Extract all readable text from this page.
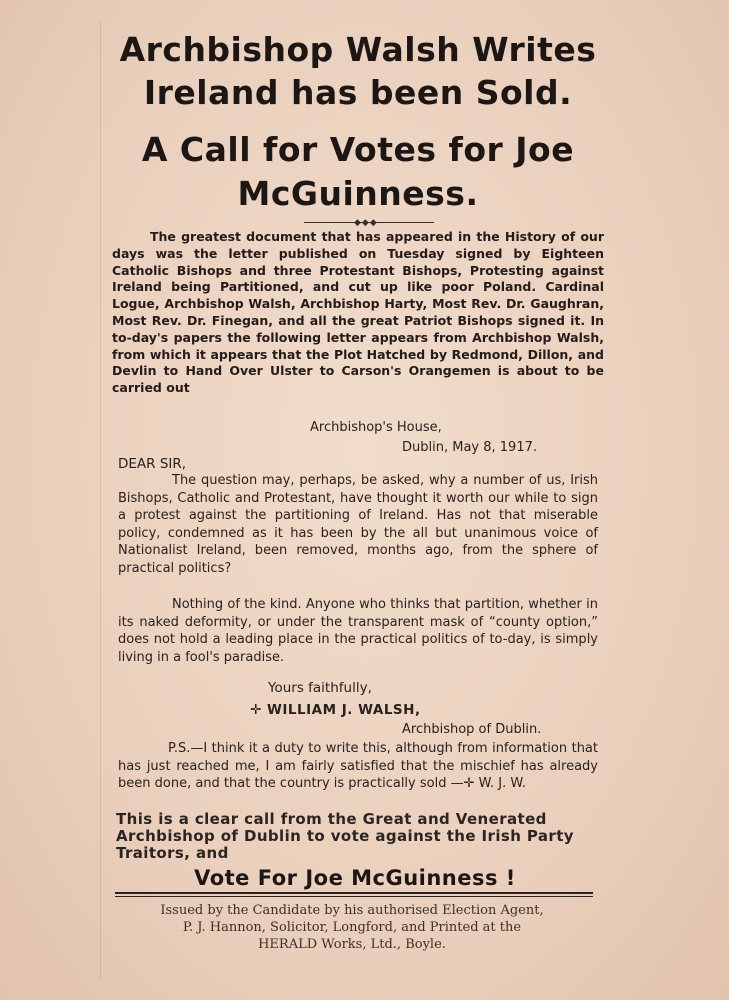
Archbishop Walsh Writes
Ireland has been Sold.
A Call for Votes for Joe
McGuinness.
◆◆◆
The greatest document that has appeared in the History of our days was the letter published on Tuesday signed by Eighteen Catholic Bishops and three Protestant Bishops, Protesting against Ireland being Partitioned, and cut up like poor Poland. Cardinal Logue, Archbishop Walsh, Archbishop Harty, Most Rev. Dr. Gaughran, Most Rev. Dr. Finegan, and all the great Patriot Bishops signed it. In to-day's papers the following letter appears from Archbishop Walsh, from which it appears that the Plot Hatched by Redmond, Dillon, and Devlin to Hand Over Ulster to Carson's Orangemen is about to be carried out
Archbishop's House,
Dublin, May 8, 1917.
DEAR SIR,
The question may, perhaps, be asked, why a number of us, Irish Bishops, Catholic and Protestant, have thought it worth our while to sign a protest against the partitioning of Ireland. Has not that miserable policy, condemned as it has been by the all but unanimous voice of Nationalist Ireland, been removed, months ago, from the sphere of practical politics?
Nothing of the kind. Anyone who thinks that partition, whether in its naked deformity, or under the transparent mask of “county option,” does not hold a leading place in the practical politics of to-day, is simply living in a fool's paradise.
Yours faithfully,
✛ WILLIAM J. WALSH,
Archbishop of Dublin.
P.S.—I think it a duty to write this, although from information that has just reached me, I am fairly satisfied that the mischief has already been done, and that the country is practically sold —✛ W. J. W.
This is a clear call from the Great and Venerated Archbishop of Dublin to vote against the Irish Party Traitors, and
Vote For Joe McGuinness !
Issued by the Candidate by his authorised Election Agent,
P. J. Hannon, Solicitor, Longford, and Printed at the
HERALD Works, Ltd., Boyle.
